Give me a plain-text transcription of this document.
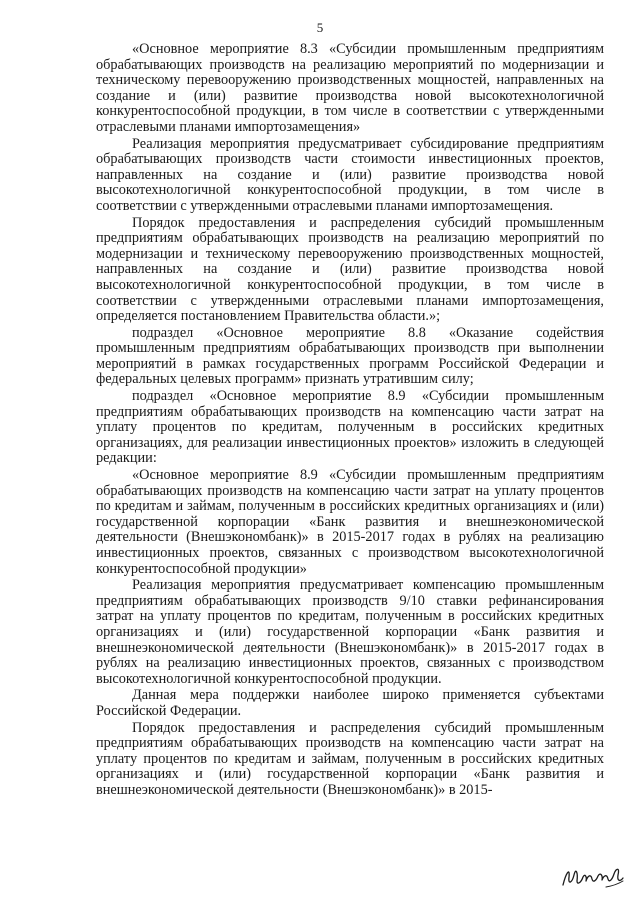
5

«Основное мероприятие 8.3 «Субсидии промышленным предприятиям обрабатывающих производств на реализацию мероприятий по модернизации и техническому перевооружению производственных мощностей, направленных на создание и (или) развитие производства новой высокотехнологичной конкурентоспособной продукции, в том числе в соответствии с утвержденными отраслевыми планами импортозамещения»

Реализация мероприятия предусматривает субсидирование предприятиям обрабатывающих производств части стоимости инвестиционных проектов, направленных на создание и (или) развитие производства новой высокотехнологичной конкурентоспособной продукции, в том числе в соответствии с утвержденными отраслевыми планами импортозамещения.

Порядок предоставления и распределения субсидий промышленным предприятиям обрабатывающих производств на реализацию мероприятий по модернизации и техническому перевооружению производственных мощностей, направленных на создание и (или) развитие производства новой высокотехнологичной конкурентоспособной продукции, в том числе в соответствии с утвержденными отраслевыми планами импортозамещения, определяется постановлением Правительства области.»;

подраздел «Основное мероприятие 8.8 «Оказание содействия промышленным предприятиям обрабатывающих производств при выполнении мероприятий в рамках государственных программ Российской Федерации и федеральных целевых программ» признать утратившим силу;

подраздел «Основное мероприятие 8.9 «Субсидии промышленным предприятиям обрабатывающих производств на компенсацию части затрат на уплату процентов по кредитам, полученным в российских кредитных организациях, для реализации инвестиционных проектов» изложить в следующей редакции:

«Основное мероприятие 8.9 «Субсидии промышленным предприятиям обрабатывающих производств на компенсацию части затрат на уплату процентов по кредитам и займам, полученным в российских кредитных организациях и (или) государственной корпорации «Банк развития и внешнеэкономической деятельности (Внешэкономбанк)» в 2015-2017 годах в рублях на реализацию инвестиционных проектов, связанных с производством высокотехнологичной конкурентоспособной продукции»

Реализация мероприятия предусматривает компенсацию промышленным предприятиям обрабатывающих производств 9/10 ставки рефинансирования затрат на уплату процентов по кредитам, полученным в российских кредитных организациях и (или) государственной корпорации «Банк развития и внешнеэкономической деятельности (Внешэкономбанк)» в 2015-2017 годах в рублях на реализацию инвестиционных проектов, связанных с производством высокотехнологичной конкурентоспособной продукции.

Данная мера поддержки наиболее широко применяется субъектами Российской Федерации.

Порядок предоставления и распределения субсидий промышленным предприятиям обрабатывающих производств на компенсацию части затрат на уплату процентов по кредитам и займам, полученным в российских кредитных организациях и (или) государственной корпорации «Банк развития и внешнеэкономической деятельности (Внешэкономбанк)» в 2015-
